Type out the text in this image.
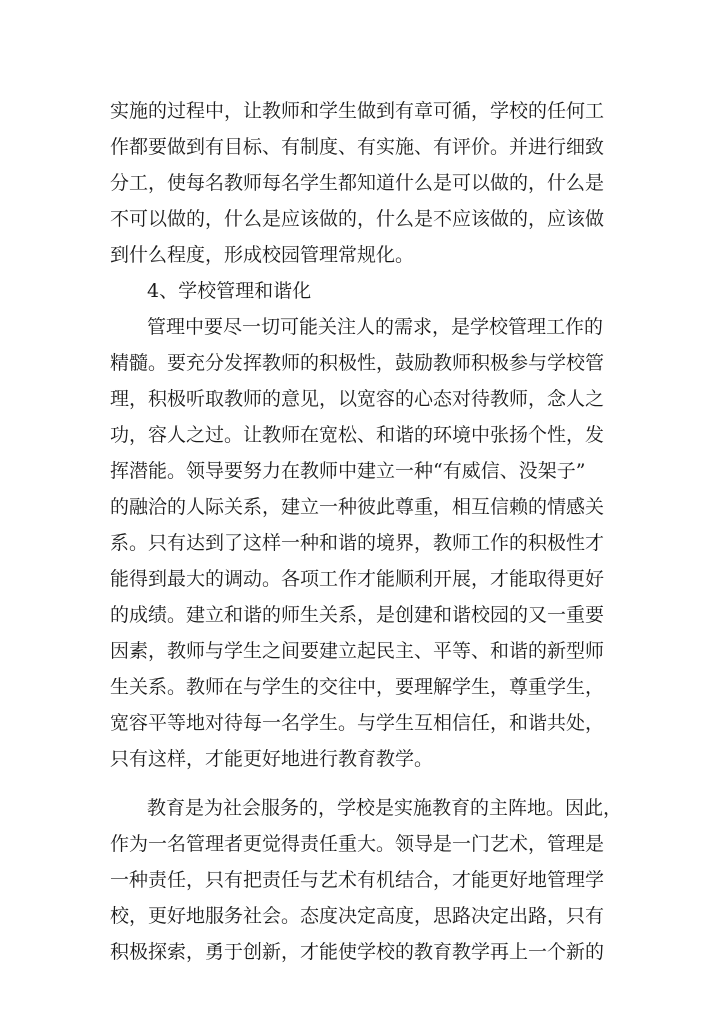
实施的过程中，让教师和学生做到有章可循，学校的任何工
作都要做到有目标、有制度、有实施、有评价。并进行细致
分工，使每名教师每名学生都知道什么是可以做的，什么是
不可以做的，什么是应该做的，什么是不应该做的，应该做
到什么程度，形成校园管理常规化。
4、学校管理和谐化
管理中要尽一切可能关注人的需求，是学校管理工作的
精髓。要充分发挥教师的积极性，鼓励教师积极参与学校管
理，积极听取教师的意见，以宽容的心态对待教师，念人之
功，容人之过。让教师在宽松、和谐的环境中张扬个性，发
挥潜能。领导要努力在教师中建立一种“有威信、没架子”
的融洽的人际关系，建立一种彼此尊重，相互信赖的情感关
系。只有达到了这样一种和谐的境界，教师工作的积极性才
能得到最大的调动。各项工作才能顺利开展，才能取得更好
的成绩。建立和谐的师生关系，是创建和谐校园的又一重要
因素，教师与学生之间要建立起民主、平等、和谐的新型师
生关系。教师在与学生的交往中，要理解学生，尊重学生，
宽容平等地对待每一名学生。与学生互相信任，和谐共处，
只有这样，才能更好地进行教育教学。
教育是为社会服务的，学校是实施教育的主阵地。因此，
作为一名管理者更觉得责任重大。领导是一门艺术，管理是
一种责任，只有把责任与艺术有机结合，才能更好地管理学
校，更好地服务社会。态度决定高度，思路决定出路，只有
积极探索，勇于创新，才能使学校的教育教学再上一个新的
